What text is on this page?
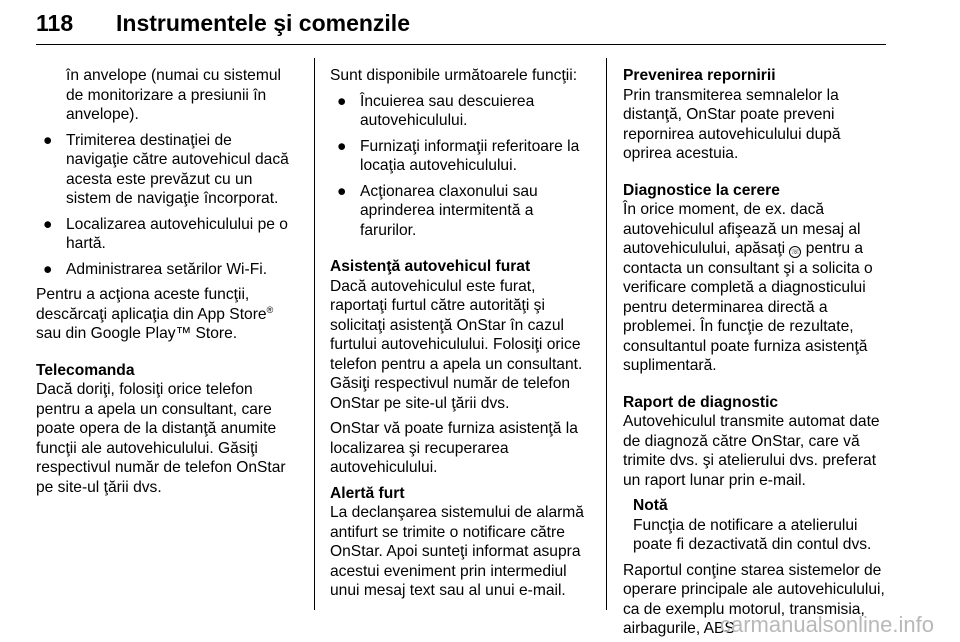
118 Instrumentele şi comenzile

în anvelope (numai cu sistemul de monitorizare a presiunii în anvelope).

● Trimiterea destinaţiei de navigaţie către autovehicul dacă acesta este prevăzut cu un sistem de navigaţie încorporat.
● Localizarea autovehiculului pe o hartă.
● Administrarea setărilor Wi-Fi.

Pentru a acţiona aceste funcţii, descărcaţi aplicaţia din App Store® sau din Google Play™ Store.

Telecomanda

Dacă doriţi, folosiţi orice telefon pentru a apela un consultant, care poate opera de la distanţă anumite funcţii ale autovehiculului. Găsiţi respectivul număr de telefon OnStar pe site-ul ţării dvs.

Sunt disponibile următoarele funcţii:

● Încuierea sau descuierea autovehiculului.
● Furnizaţi informaţii referitoare la locaţia autovehiculului.
● Acţionarea claxonului sau aprinderea intermitentă a farurilor.

Asistenţă autovehicul furat

Dacă autovehiculul este furat, raportaţi furtul către autorităţi şi solicitaţi asistenţă OnStar în cazul furtului autovehiculului. Folosiţi orice telefon pentru a apela un consultant. Găsiţi respectivul număr de telefon OnStar pe site-ul ţării dvs.

OnStar vă poate furniza asistenţă la localizarea şi recuperarea autovehiculului.

Alertă furt

La declanşarea sistemului de alarmă antifurt se trimite o notificare către OnStar. Apoi sunteţi informat asupra acestui eveniment prin intermediul unui mesaj text sau al unui e-mail.

Prevenirea repornirii

Prin transmiterea semnalelor la distanţă, OnStar poate preveni repornirea autovehiculului după oprirea acestuia.

Diagnostice la cerere

În orice moment, de ex. dacă autovehiculul afişează un mesaj al autovehiculului, apăsaţi ☏ pentru a contacta un consultant şi a solicita o verificare completă a diagnosticului pentru determinarea directă a problemei. În funcţie de rezultate, consultantul poate furniza asistenţă suplimentară.

Raport de diagnostic

Autovehiculul transmite automat date de diagnoză către OnStar, care vă trimite dvs. şi atelierului dvs. preferat un raport lunar prin e-mail.

Notă

Funcţia de notificare a atelierului poate fi dezactivată din contul dvs.

Raportul conţine starea sistemelor de operare principale ale autovehiculului, ca de exemplu motorul, transmisia, airbagurile, ABS

carmanualsonline.info
